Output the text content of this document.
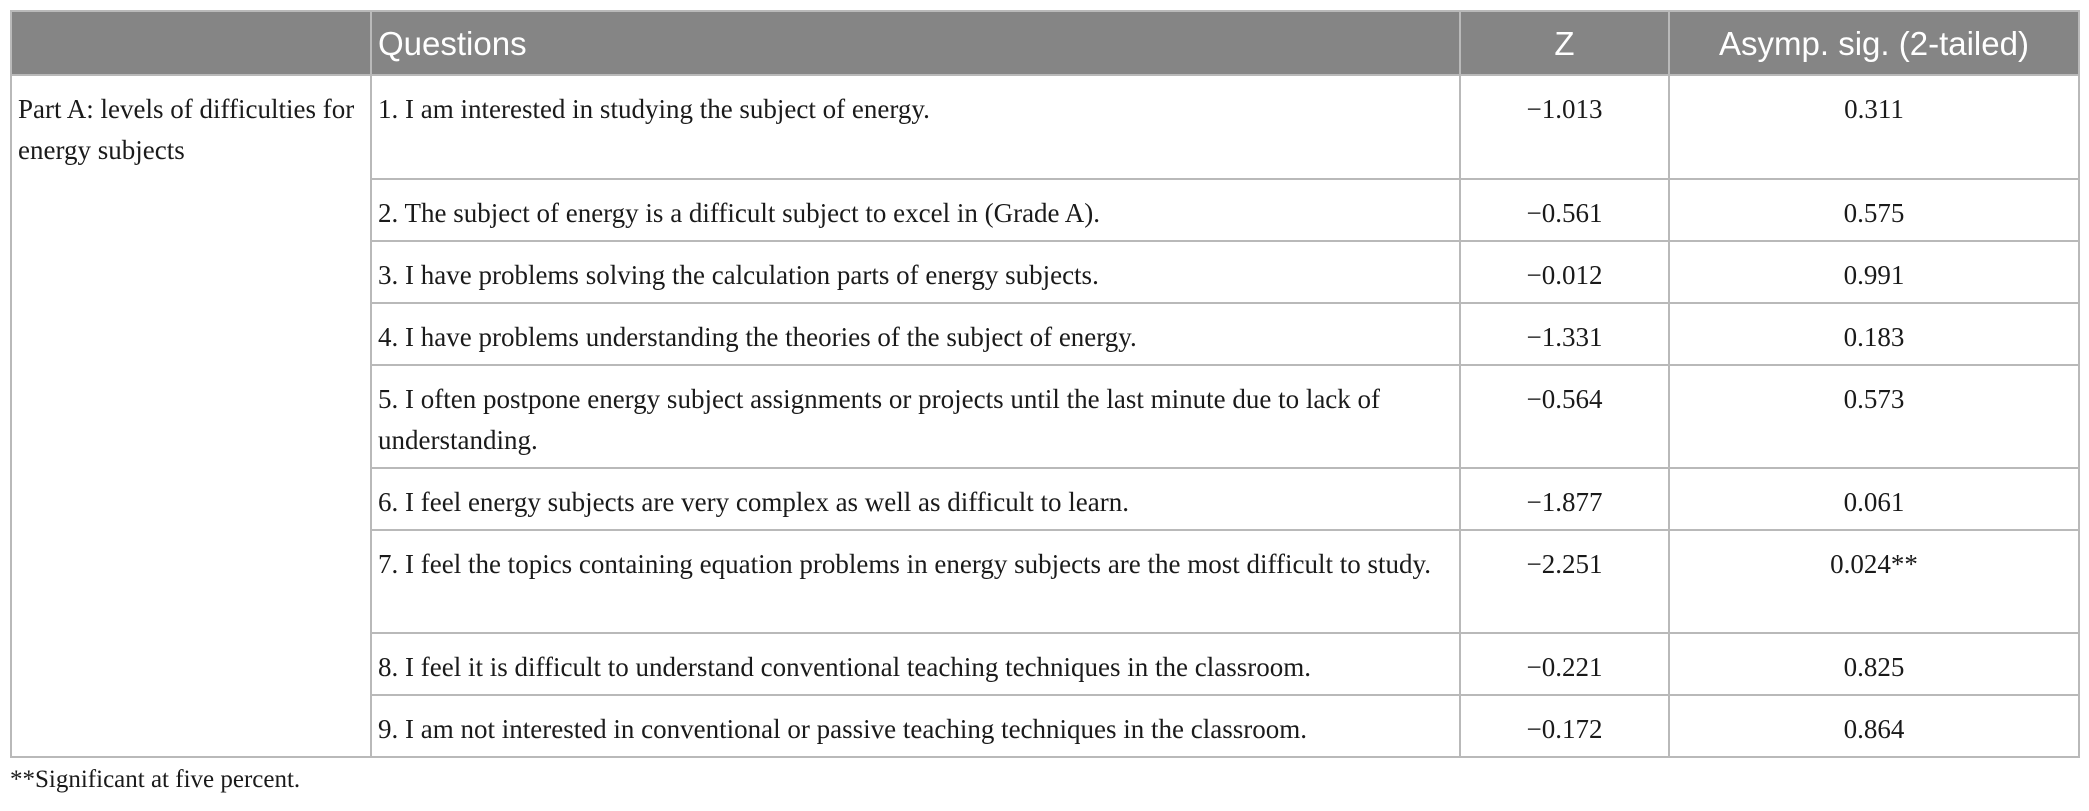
	Questions	Z	Asymp. sig. (2-tailed)
Part A: levels of difficulties for energy subjects	1. I am interested in studying the subject of energy.	−1.013	0.311
	2. The subject of energy is a difficult subject to excel in (Grade A).	−0.561	0.575
	3. I have problems solving the calculation parts of energy subjects.	−0.012	0.991
	4. I have problems understanding the theories of the subject of energy.	−1.331	0.183
	5. I often postpone energy subject assignments or projects until the last minute due to lack of understanding.	−0.564	0.573
	6. I feel energy subjects are very complex as well as difficult to learn.	−1.877	0.061
	7. I feel the topics containing equation problems in energy subjects are the most difficult to study.	−2.251	0.024**
	8. I feel it is difficult to understand conventional teaching techniques in the classroom.	−0.221	0.825
	9. I am not interested in conventional or passive teaching techniques in the classroom.	−0.172	0.864
**Significant at five percent.
